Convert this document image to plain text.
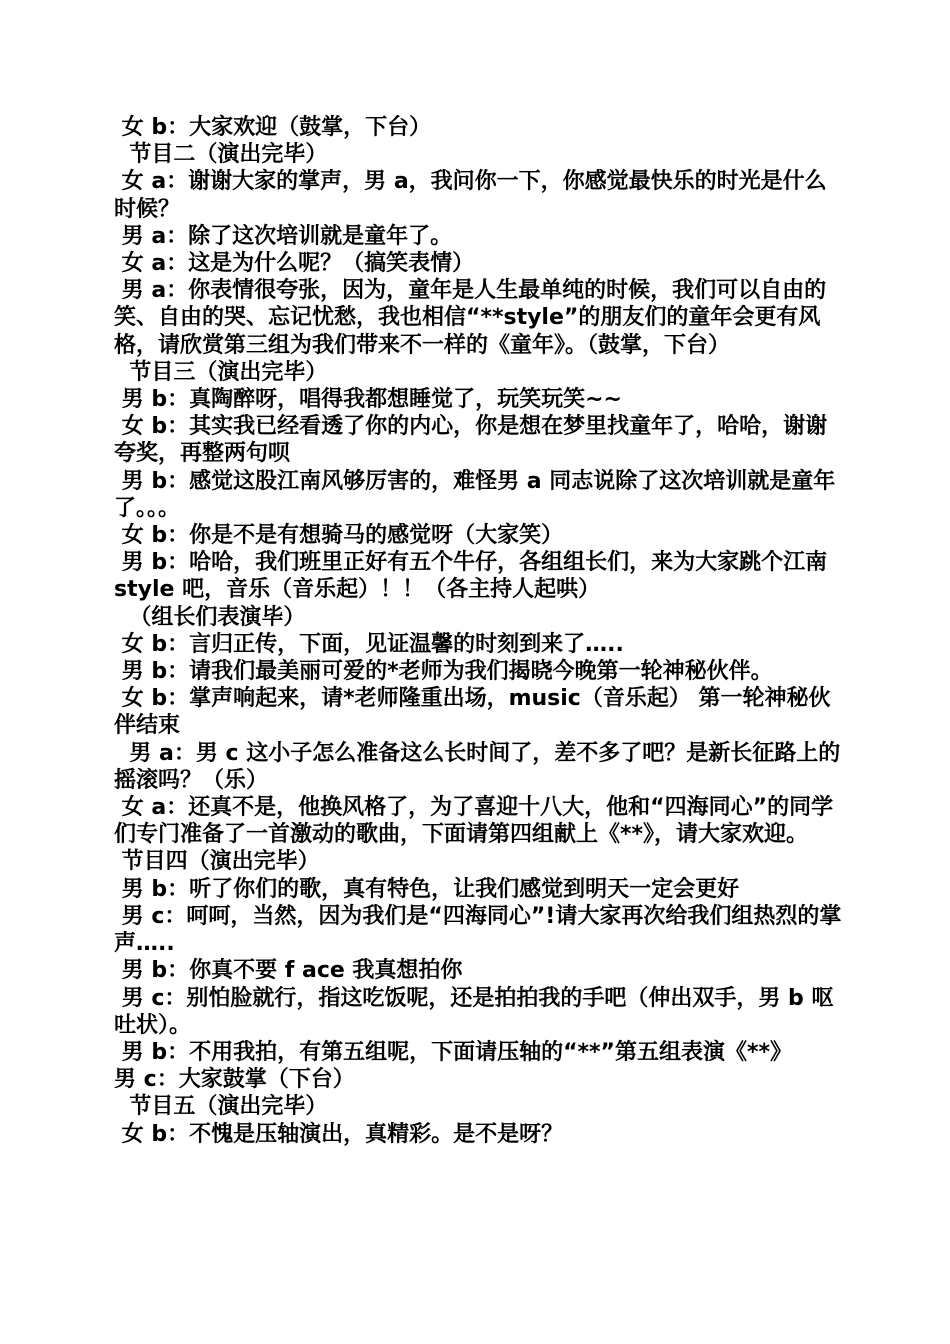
女 b：大家欢迎（鼓掌，下台）

节目二（演出完毕）

女 a：谢谢大家的掌声，男 a，我问你一下，你感觉最快乐的时光是什么时候？

男 a：除了这次培训就是童年了。

女 a：这是为什么呢？（搞笑表情）

男 a：你表情很夸张，因为，童年是人生最单纯的时候，我们可以自由的笑、自由的哭、忘记忧愁，我也相信“**style”的朋友们的童年会更有风格，请欣赏第三组为我们带来不一样的《童年》。（鼓掌，下台）

节目三（演出完毕）

男 b：真陶醉呀，唱得我都想睡觉了，玩笑玩笑~~

女 b：其实我已经看透了你的内心，你是想在梦里找童年了，哈哈，谢谢夸奖，再整两句呗

男 b：感觉这股江南风够厉害的，难怪男 a 同志说除了这次培训就是童年了。。。

女 b：你是不是有想骑马的感觉呀（大家笑）

男 b：哈哈，我们班里正好有五个牛仔，各组组长们，来为大家跳个江南 style 吧，音乐（音乐起）！！（各主持人起哄）

（组长们表演毕）

女 b：言归正传，下面，见证温馨的时刻到来了…..

男 b：请我们最美丽可爱的*老师为我们揭晓今晚第一轮神秘伙伴。

女 b：掌声响起来，请*老师隆重出场，music（音乐起） 第一轮神秘伙伴结束

男 a：男 c 这小子怎么准备这么长时间了，差不多了吧？是新长征路上的摇滚吗？（乐）

女 a：还真不是，他换风格了，为了喜迎十八大，他和“四海同心”的同学们专门准备了一首激动的歌曲，下面请第四组献上《**》，请大家欢迎。

节目四（演出完毕）

男 b：听了你们的歌，真有特色，让我们感觉到明天一定会更好

男 c：呵呵，当然，因为我们是“四海同心”!请大家再次给我们组热烈的掌声…..

男 b：你真不要 f ace 我真想拍你

男 c：别怕脸就行，指这吃饭呢，还是拍拍我的手吧（伸出双手，男 b 呕吐状）。

男 b：不用我拍，有第五组呢，下面请压轴的“**”第五组表演《**》

男 c：大家鼓掌（下台）

节目五（演出完毕）

女 b：不愧是压轴演出，真精彩。是不是呀？
